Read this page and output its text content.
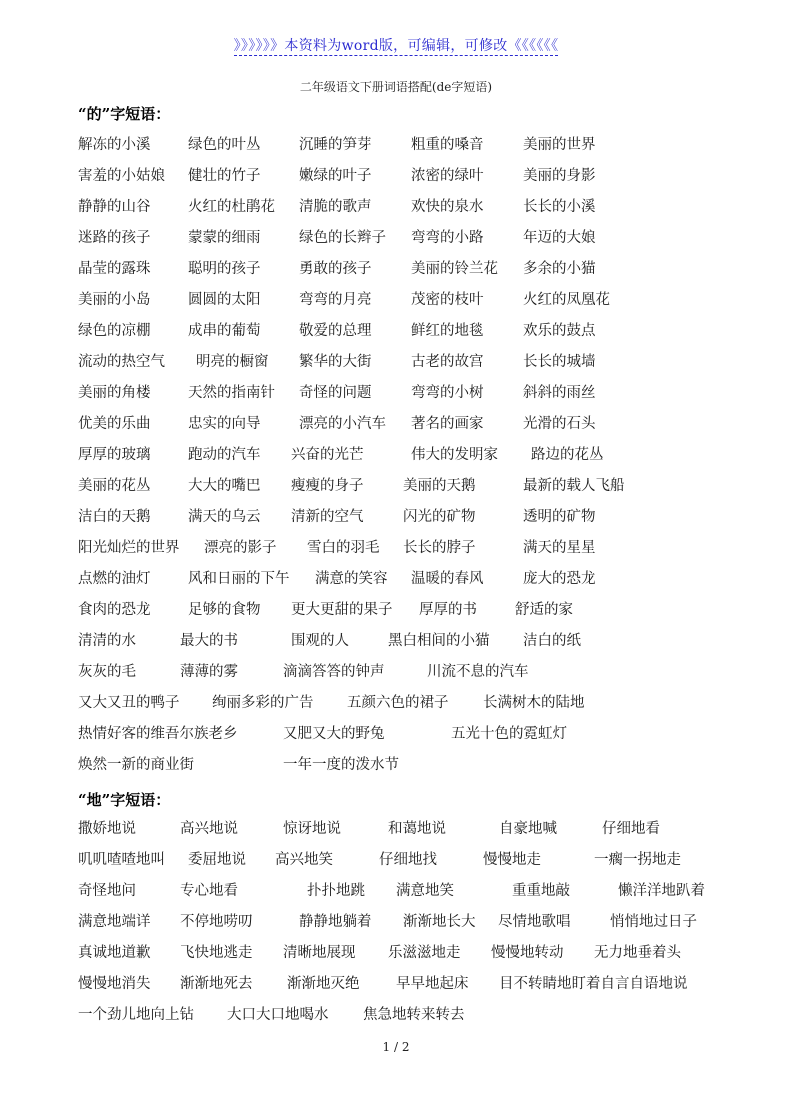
》》》》》》本资料为word版，可编辑，可修改《《《《《《
二年级语文下册词语搭配(de字短语)
“的”字短语：
解冻的小溪	绿色的叶丛	沉睡的笋芽	粗重的嗓音	美丽的世界
害羞的小姑娘 健壮的竹子	嫩绿的叶子	浓密的绿叶	美丽的身影
静静的山谷	火红的杜鹃花 清脆的歌声	欢快的泉水	长长的小溪
迷路的孩子	蒙蒙的细雨	绿色的长辫子 弯弯的小路	年迈的大娘
晶莹的露珠	聪明的孩子	勇敢的孩子	美丽的铃兰花 多余的小猫
美丽的小岛	圆圆的太阳	弯弯的月亮	茂密的枝叶	火红的凤凰花
绿色的凉棚	成串的葡萄	敬爱的总理	鲜红的地毯	欢乐的鼓点
流动的热空气 明亮的橱窗 繁华的大街	古老的故宫	长长的城墙
美丽的角楼	天然的指南针 奇怪的问题	弯弯的小树	斜斜的雨丝
优美的乐曲	忠实的向导	漂亮的小汽车 著名的画家	光滑的石头
厚厚的玻璃	跑动的汽车 兴奋的光芒	伟大的发明家 路边的花丛
美丽的花丛	大大的嘴巴 瘦瘦的身子	美丽的天鹅	最新的载人飞船
洁白的天鹅	满天的乌云 清新的空气	闪光的矿物	透明的矿物
阳光灿烂的世界 漂亮的影子 雪白的羽毛 长长的脖子	满天的星星
点燃的油灯	风和日丽的下午 满意的笑容 温暖的春风	庞大的恐龙
食肉的恐龙	足够的食物 更大更甜的果子 厚厚的书	舒适的家
清清的水	最大的书	围观的人	黑白相间的小猫 洁白的纸
灰灰的毛	薄薄的雾	滴滴答答的钟声	川流不息的汽车
又大又丑的鸭子 绚丽多彩的广告 五颜六色的裙子 长满树木的陆地
热情好客的维吾尔族老乡	又肥又大的野兔	五光十色的霓虹灯
焕然一新的商业街	一年一度的泼水节
“地”字短语：
撒娇地说	高兴地说	惊讶地说	和蔼地说	自豪地喊	仔细地看
叽叽喳喳地叫 委屈地说 高兴地笑	仔细地找	慢慢地走	一瘸一拐地走
奇怪地问	专心地看	扑扑地跳 满意地笑	重重地敲	懒洋洋地趴着
满意地端详 不停地唠叨	静静地躺着 渐渐地长大 尽情地歌唱	悄悄地过日子
真诚地道歉 飞快地逃走 清晰地展现 乐滋滋地走 慢慢地转动 无力地垂着头
慢慢地消失 渐渐地死去 渐渐地灭绝	早早地起床 目不转睛地盯着自言自语地说
一个劲儿地向上钻 大口大口地喝水 焦急地转来转去
1 / 2
